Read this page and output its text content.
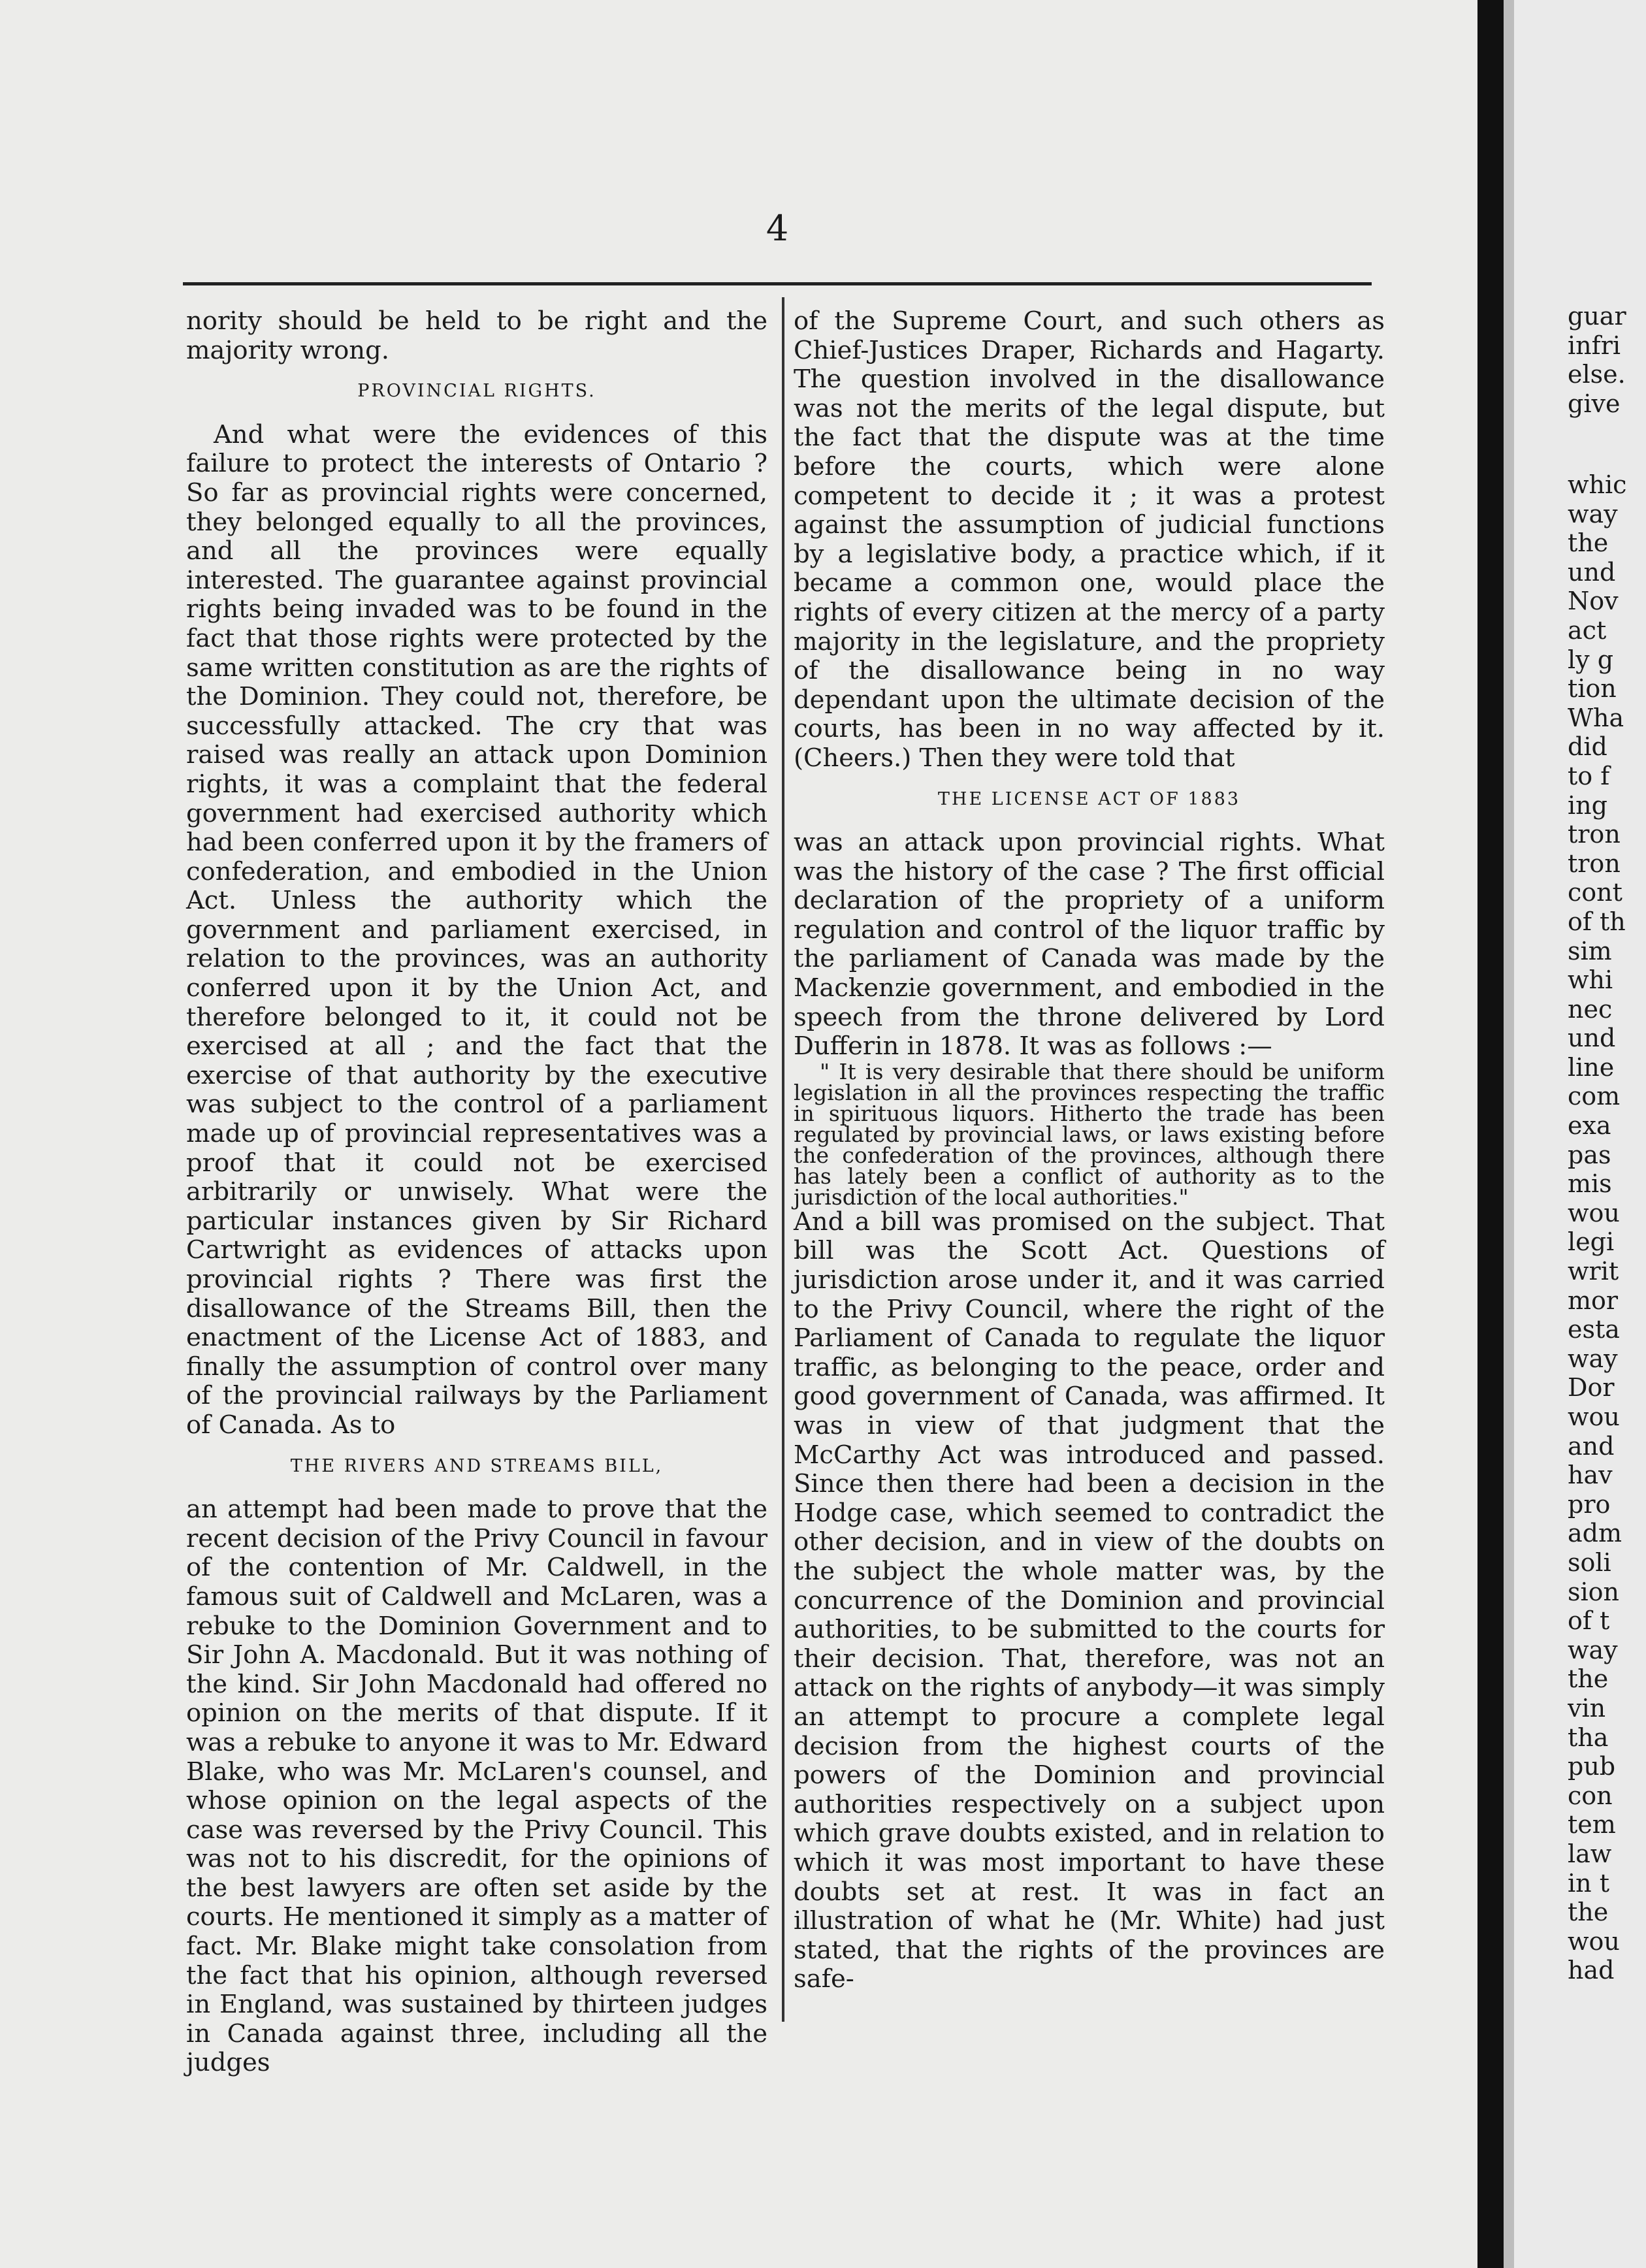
4

nority should be held to be right and the majority wrong.

PROVINCIAL RIGHTS.

And what were the evidences of this failure to protect the interests of Ontario ? So far as provincial rights were concerned, they belonged equally to all the provinces, and all the provinces were equally interested. The guarantee against provincial rights being invaded was to be found in the fact that those rights were protected by the same written constitution as are the rights of the Dominion. They could not, therefore, be successfully attacked. The cry that was raised was really an attack upon Dominion rights, it was a complaint that the federal government had exercised authority which had been conferred upon it by the framers of confederation, and embodied in the Union Act. Unless the authority which the government and parliament exercised, in relation to the provinces, was an authority conferred upon it by the Union Act, and therefore belonged to it, it could not be exercised at all ; and the fact that the exercise of that authority by the executive was subject to the control of a parliament made up of provincial representatives was a proof that it could not be exercised arbitrarily or unwisely. What were the particular instances given by Sir Richard Cartwright as evidences of attacks upon provincial rights ? There was first the disallowance of the Streams Bill, then the enactment of the License Act of 1883, and finally the assumption of control over many of the provincial railways by the Parliament of Canada. As to

THE RIVERS AND STREAMS BILL,

an attempt had been made to prove that the recent decision of the Privy Council in favour of the contention of Mr. Caldwell, in the famous suit of Caldwell and McLaren, was a rebuke to the Dominion Government and to Sir John A. Macdonald. But it was nothing of the kind. Sir John Macdonald had offered no opinion on the merits of that dispute. If it was a rebuke to anyone it was to Mr. Edward Blake, who was Mr. McLaren's counsel, and whose opinion on the legal aspects of the case was reversed by the Privy Council. This was not to his discredit, for the opinions of the best lawyers are often set aside by the courts. He mentioned it simply as a matter of fact. Mr. Blake might take consolation from the fact that his opinion, although reversed in England, was sustained by thirteen judges in Canada against three, including all the judges

of the Supreme Court, and such others as Chief-Justices Draper, Richards and Hagarty. The question involved in the disallowance was not the merits of the legal dispute, but the fact that the dispute was at the time before the courts, which were alone competent to decide it ; it was a protest against the assumption of judicial functions by a legislative body, a practice which, if it became a common one, would place the rights of every citizen at the mercy of a party majority in the legislature, and the propriety of the disallowance being in no way dependant upon the ultimate decision of the courts, has been in no way affected by it. (Cheers.) Then they were told that

THE LICENSE ACT OF 1883

was an attack upon provincial rights. What was the history of the case ? The first official declaration of the propriety of a uniform regulation and control of the liquor traffic by the parliament of Canada was made by the Mackenzie government, and embodied in the speech from the throne delivered by Lord Dufferin in 1878. It was as follows :—

" It is very desirable that there should be uniform legislation in all the provinces respecting the traffic in spirituous liquors. Hitherto the trade has been regulated by provincial laws, or laws existing before the confederation of the provinces, although there has lately been a conflict of authority as to the jurisdiction of the local authorities."

And a bill was promised on the subject. That bill was the Scott Act. Questions of jurisdiction arose under it, and it was carried to the Privy Council, where the right of the Parliament of Canada to regulate the liquor traffic, as belonging to the peace, order and good government of Canada, was affirmed. It was in view of that judgment that the McCarthy Act was introduced and passed. Since then there had been a decision in the Hodge case, which seemed to contradict the other decision, and in view of the doubts on the subject the whole matter was, by the concurrence of the Dominion and provincial authorities, to be submitted to the courts for their decision. That, therefore, was not an attack on the rights of anybody—it was simply an attempt to procure a complete legal decision from the highest courts of the powers of the Dominion and provincial authorities respectively on a subject upon which grave doubts existed, and in relation to which it was most important to have these doubts set at rest. It was in fact an illustration of what he (Mr. White) had just stated, that the rights of the provinces are safe-

guar
infri
else.
give
whic
way
the
und
Nov
act
ly g
tion
Wha
did
to f
ing
tron
tron
cont
of th
sim
whi
nec
und
line
com
exa
pas
mis
wou
legi
writ
mor
esta
way
Dor
wou
and
hav
pro
adm
soli
sion
of t
way
the
vin
tha
pub
con
tem
law
in t
the
wou
had
